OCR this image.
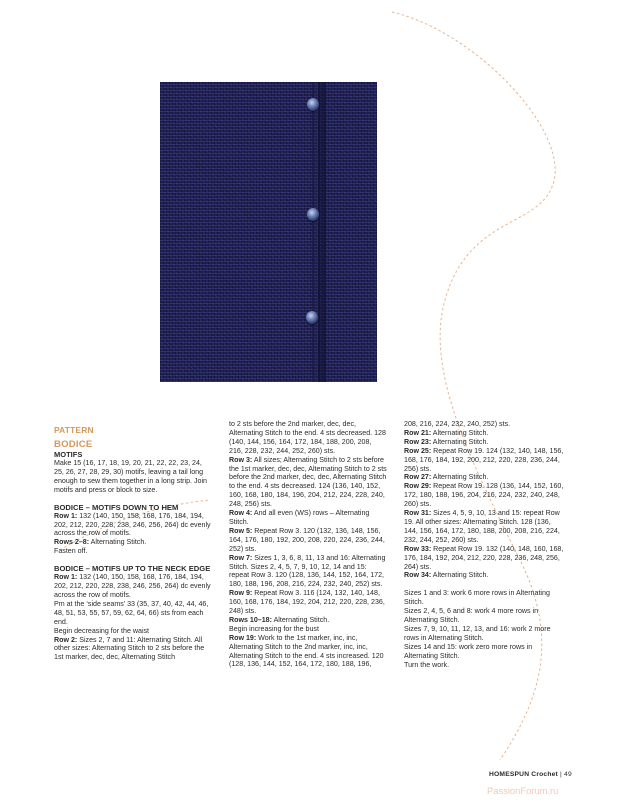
PATTERN

BODICE

MOTIFS

Make 15 (16, 17, 18, 19, 20, 21, 22, 22, 23, 24, 25, 26, 27, 28, 29, 30) motifs, leaving a tail long enough to sew them together in a long strip. Join motifs and press or block to size.

BODICE – MOTIFS DOWN TO HEM

Row 1: 132 (140, 150, 158, 168, 176, 184, 194, 202, 212, 220, 228, 238, 246, 256, 264) dc evenly across the row of motifs.

Rows 2–8: Alternating Stitch.

Fasten off.

BODICE – MOTIFS UP TO THE NECK EDGE

Row 1: 132 (140, 150, 158, 168, 176, 184, 194, 202, 212, 220, 228, 238, 246, 256, 264) dc evenly across the row of motifs.

Pm at the ‘side seams’ 33 (35, 37, 40, 42, 44, 46, 48, 51, 53, 55, 57, 59, 62, 64, 66) sts from each end.

Begin decreasing for the waist

Row 2: Sizes 2, 7 and 11: Alternating Stitch. All other sizes: Alternating Stitch to 2 sts before the 1st marker, dec, dec, Alternating Stitch

to 2 sts before the 2nd marker, dec, dec, Alternating Stitch to the end. 4 sts decreased. 128 (140, 144, 156, 164, 172, 184, 188, 200, 208, 216, 228, 232, 244, 252, 260) sts.

Row 3: All sizes; Alternating Stitch to 2 sts before the 1st marker, dec, dec, Alternating Stitch to 2 sts before the 2nd marker, dec, dec, Alternating Stitch to the end. 4 sts decreased. 124 (136, 140, 152, 160, 168, 180, 184, 196, 204, 212, 224, 228, 240, 248, 256) sts.

Row 4: And all even (WS) rows – Alternating Stitch.

Row 5: Repeat Row 3. 120 (132, 136, 148, 156, 164, 176, 180, 192, 200, 208, 220, 224, 236, 244, 252) sts.

Row 7: Sizes 1, 3, 6, 8, 11, 13 and 16: Alternating Stitch. Sizes 2, 4, 5, 7, 9, 10, 12, 14 and 15: repeat Row 3. 120 (128, 136, 144, 152, 164, 172, 180, 188, 196, 208, 216, 224, 232, 240, 252) sts.

Row 9: Repeat Row 3. 116 (124, 132, 140, 148, 160, 168, 176, 184, 192, 204, 212, 220, 228, 236, 248) sts.

Rows 10–18: Alternating Stitch.

Begin increasing for the bust

Row 19: Work to the 1st marker, inc, inc, Alternating Stitch to the 2nd marker, inc, inc, Alternating Stitch to the end. 4 sts increased. 120 (128, 136, 144, 152, 164, 172, 180, 188, 196,

208, 216, 224, 232, 240, 252) sts.

Row 21: Alternating Stitch.

Row 23: Alternating Stitch.

Row 25: Repeat Row 19. 124 (132, 140, 148, 156, 168, 176, 184, 192, 200, 212, 220, 228, 236, 244, 256) sts.

Row 27: Alternating Stitch.

Row 29: Repeat Row 19. 128 (136, 144, 152, 160, 172, 180, 188, 196, 204, 216, 224, 232, 240, 248, 260) sts.

Row 31: Sizes 4, 5, 9, 10, 13 and 15: repeat Row 19. All other sizes: Alternating Stitch. 128 (136, 144, 156, 164, 172, 180, 188, 200, 208, 216, 224, 232, 244, 252, 260) sts.

Row 33: Repeat Row 19. 132 (140, 148, 160, 168, 176, 184, 192, 204, 212, 220, 228, 236, 248, 256, 264) sts.

Row 34: Alternating Stitch.

Sizes 1 and 3: work 6 more rows in Alternating Stitch.

Sizes 2, 4, 5, 6 and 8: work 4 more rows in Alternating Stitch.

Sizes 7, 9, 10, 11, 12, 13, and 16: work 2 more rows in Alternating Stitch.

Sizes 14 and 15: work zero more rows in Alternating Stitch.

Turn the work.

HOMESPUN Crochet | 49
PassionForum.ru
